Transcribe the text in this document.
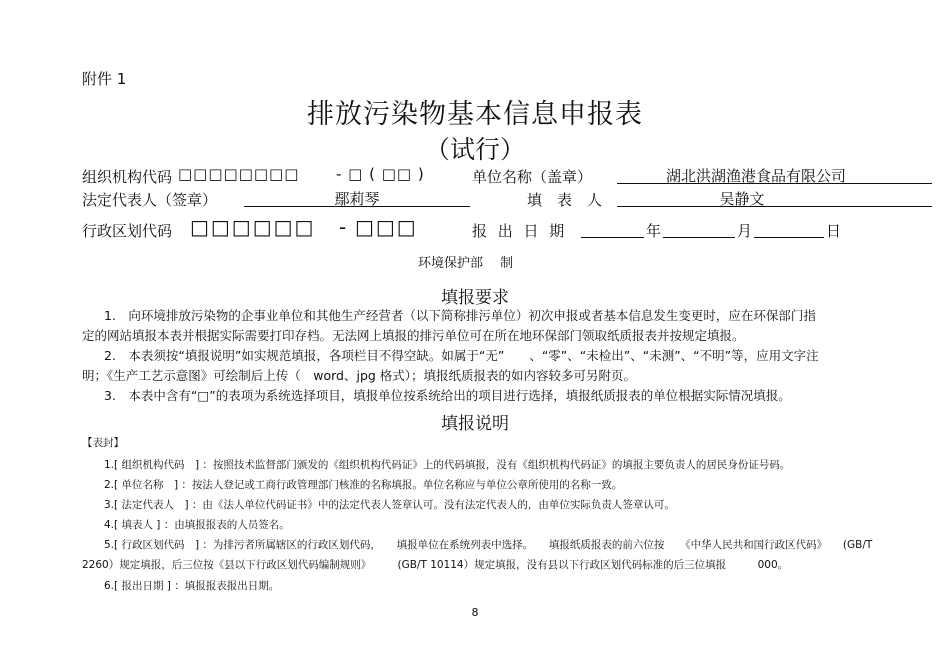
附件 1
排放污染物基本信息申报表
（试行）
组织机构代码 □□□□□□□□ - □ ( □□ )	单位名称（盖章）	湖北洪湖渔港食品有限公司
法定代表人（签章）	鄢莉琴	填　表　人	吴静文
行政区划代码 □□□□□□ - □□□	报 出 日 期	年	月	日
环境保护部　 制
填报要求
1.　向环境排放污染物的企事业单位和其他生产经营者（以下简称排污单位）初次申报或者基本信息发生变更时，应在环保部门指
定的网站填报本表并根据实际需要打印存档。无法网上填报的排污单位可在所在地环保部门领取纸质报表并按规定填报。
2.　本表须按“填报说明”如实规范填报，各项栏目不得空缺。如属于“无”　　、“零”、“未检出”、“未测”、“不明”等，应用文字注
明；《生产工艺示意图》可绘制后上传（　word、jpg 格式）；填报纸质报表的如内容较多可另附页。
3.　本表中含有“□”的表项为系统选择项目，填报单位按系统给出的项目进行选择，填报纸质报表的单位根据实际情况填报。
填报说明
【表封】
1.[ 组织机构代码　] ：按照技术监督部门颁发的《组织机构代码证》上的代码填报，没有《组织机构代码证》的填报主要负责人的居民身份证号码。
2.[ 单位名称　] ：按法人登记或工商行政管理部门核准的名称填报。单位名称应与单位公章所使用的名称一致。
3.[ 法定代表人　] ：由《法人单位代码证书》中的法定代表人签章认可。没有法定代表人的，由单位实际负责人签章认可。
4.[ 填表人 ] ：由填报报表的人员签名。
5.[ 行政区划代码　] ：为排污者所属辖区的行政区划代码，　　填报单位在系统列表中选择。　　填报纸质报表的前六位按　　《中华人民共和国行政区代码》　　(GB/T
2260）规定填报，后三位按《县以下行政区划代码编制规则》　　　(GB/T 10114）规定填报，没有县以下行政区划代码标准的后三位填报　　　000。
6.[ 报出日期 ] ：填报报表报出日期。
8
